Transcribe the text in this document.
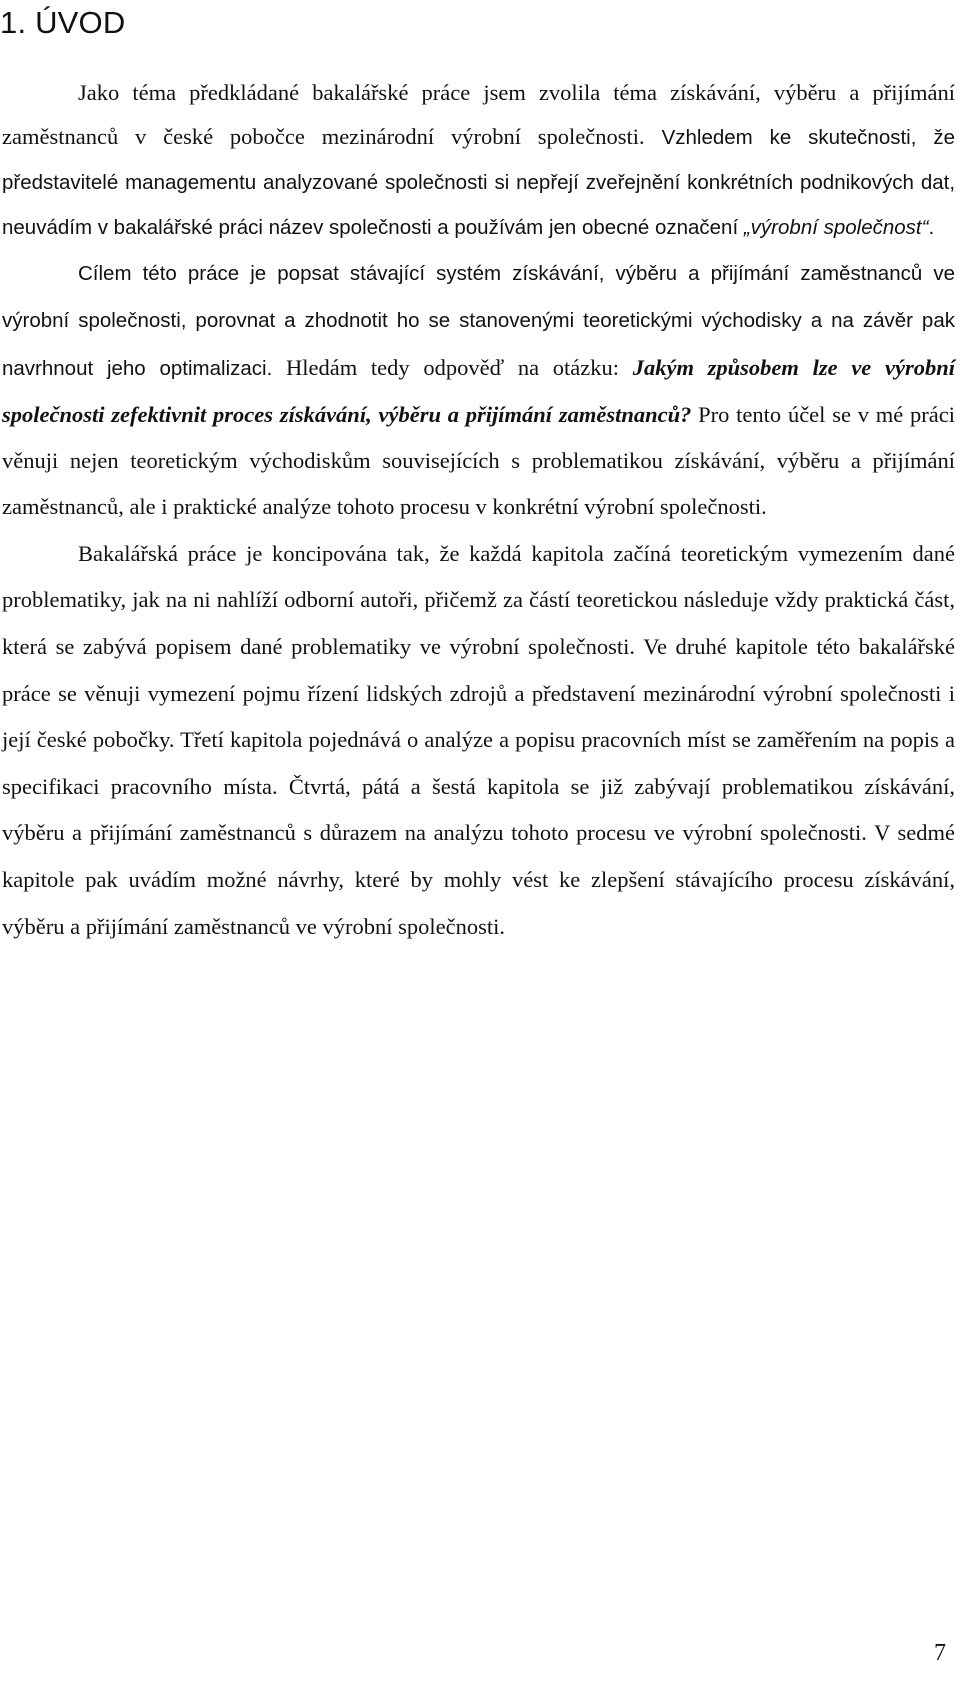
1. ÚVOD

Jako téma předkládané bakalářské práce jsem zvolila téma získávání, výběru a přijímání zaměstnanců v české pobočce mezinárodní výrobní společnosti. Vzhledem ke skutečnosti, že představitelé managementu analyzované společnosti si nepřejí zveřejnění konkrétních podnikových dat, neuvádím v bakalářské práci název společnosti a používám jen obecné označení „výrobní společnost“.

Cílem této práce je popsat stávající systém získávání, výběru a přijímání zaměstnanců ve výrobní společnosti, porovnat a zhodnotit ho se stanovenými teoretickými východisky a na závěr pak navrhnout jeho optimalizaci. Hledám tedy odpověď na otázku: Jakým způsobem lze ve výrobní společnosti zefektivnit proces získávání, výběru a přijímání zaměstnanců? Pro tento účel se v mé práci věnuji nejen teoretickým východiskům souvisejících s problematikou získávání, výběru a přijímání zaměstnanců, ale i praktické analýze tohoto procesu v konkrétní výrobní společnosti.

Bakalářská práce je koncipována tak, že každá kapitola začíná teoretickým vymezením dané problematiky, jak na ni nahlíží odborní autoři, přičemž za částí teoretickou následuje vždy praktická část, která se zabývá popisem dané problematiky ve výrobní společnosti. Ve druhé kapitole této bakalářské práce se věnuji vymezení pojmu řízení lidských zdrojů a představení mezinárodní výrobní společnosti i její české pobočky. Třetí kapitola pojednává o analýze a popisu pracovních míst se zaměřením na popis a specifikaci pracovního místa. Čtvrtá, pátá a šestá kapitola se již zabývají problematikou získávání, výběru a přijímání zaměstnanců s důrazem na analýzu tohoto procesu ve výrobní společnosti. V sedmé kapitole pak uvádím možné návrhy, které by mohly vést ke zlepšení stávajícího procesu získávání, výběru a přijímání zaměstnanců ve výrobní společnosti.

7
